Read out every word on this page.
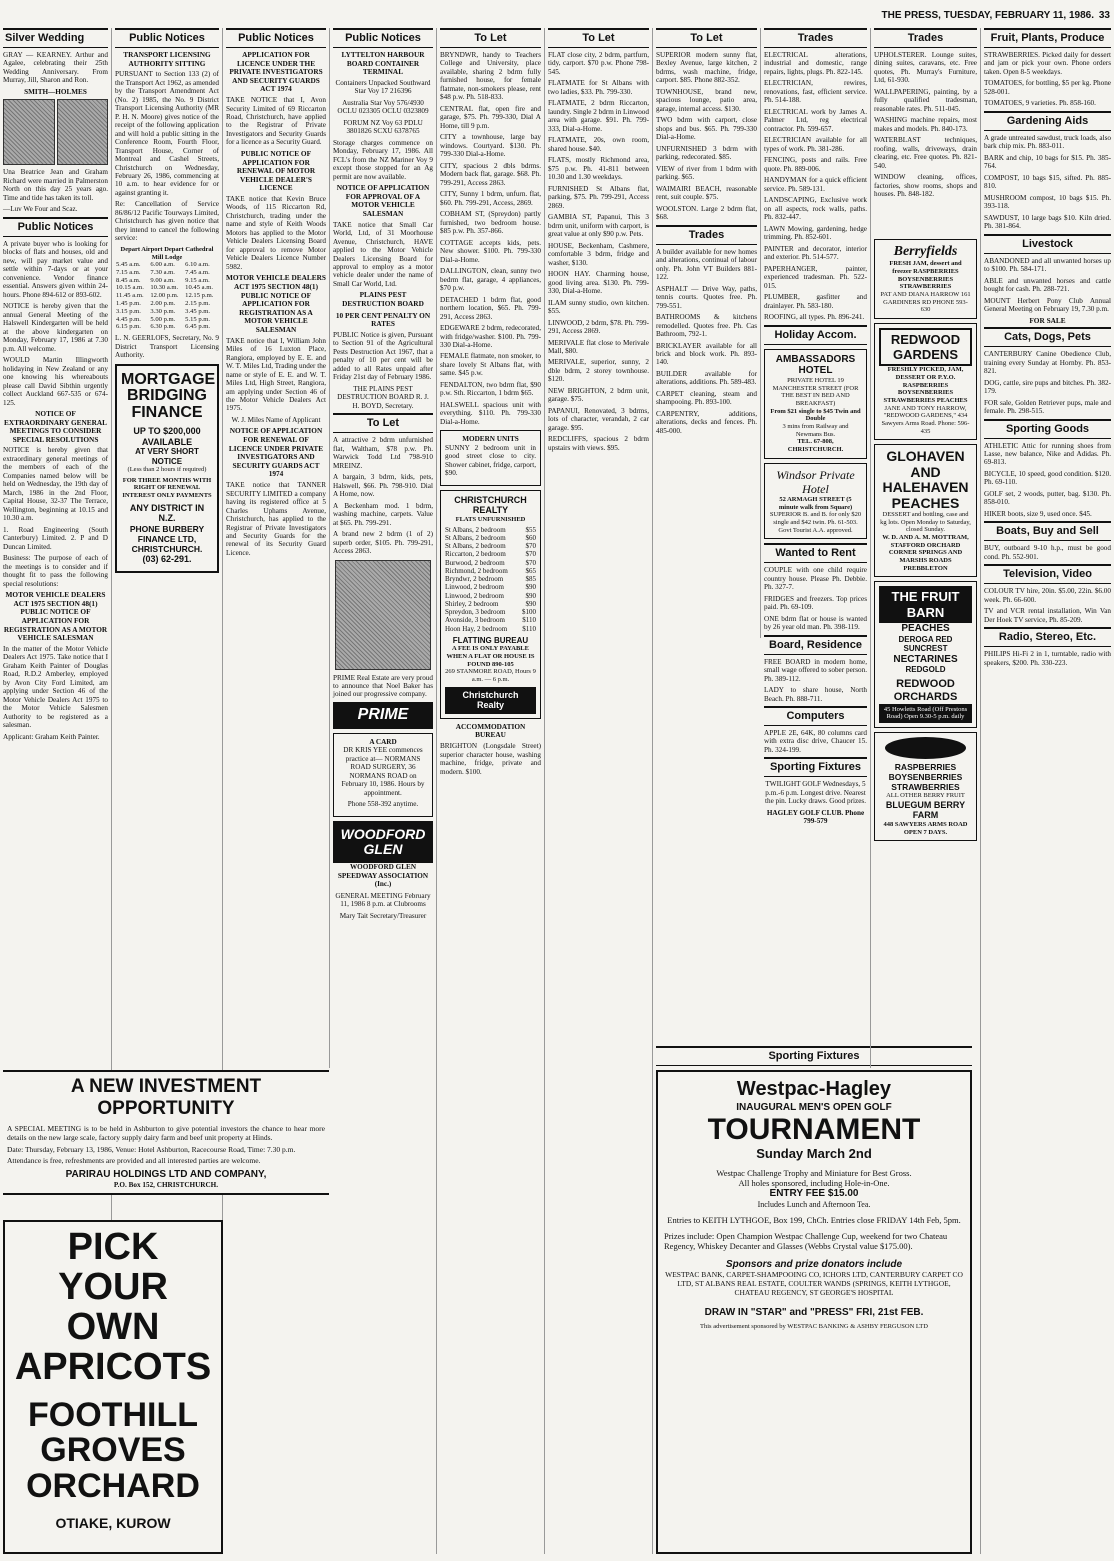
THE PRESS, TUESDAY, FEBRUARY 11, 1986. 33
Silver Wedding

GRAY — KEARNEY. Arthur and Agalee, celebrating their 25th Wedding Anniversary. From Murray, Jill, Sharon and Ron.

SMITH—HOLMES

Una Beatrice Jean and Graham Richard were married in Palmerston North on this day 25 years ago. Time and tide has taken its toll.

—Luv We Four and Scaz.

Public Notices

A private buyer who is looking for blocks of flats and houses, old and new, will pay market value and settle within 7-days or at your convenience. Vendor finance essential. Answers given within 24-hours. Phone 894-612 or 893-602.

NOTICE is hereby given that the annual General Meeting of the Halswell Kindergarten will be held at the above kindergarten on Monday, February 17, 1986 at 7.30 p.m. All welcome.

WOULD Martin Illingworth holidaying in New Zealand or any one knowing his whereabouts please call David Sibthin urgently collect Auckland 667-535 or 674-125.

NOTICE OF EXTRAORDINARY GENERAL MEETINGS TO CONSIDER SPECIAL RESOLUTIONS

NOTICE is hereby given that extraordinary general meetings of the members of each of the Companies named below will be held on Wednesday, the 19th day of March, 1986 in the 2nd Floor, Capital House, 32-37 The Terrace, Wellington, beginning at 10.15 and 10.30 a.m.

1. Road Engineering (South Canterbury) Limited. 2. P and D Duncan Limited.

Business: The purpose of each of the meetings is to consider and if thought fit to pass the following special resolutions:

MOTOR VEHICLE DEALERS ACT 1975 SECTION 48(1) PUBLIC NOTICE OF APPLICATION FOR REGISTRATION AS A MOTOR VEHICLE SALESMAN

In the matter of the Motor Vehicle Dealers Act 1975. Take notice that I Graham Keith Painter of Douglas Road, R.D.2 Amberley, employed by Avon City Ford Limited, am applying under Section 46 of the Motor Vehicle Dealers Act 1975 to the Motor Vehicle Salesmen Authority to be registered as a salesman.

Applicant: Graham Keith Painter.

Public Notices

TRANSPORT LICENSING AUTHORITY SITTING

PURSUANT to Section 133 (2) of the Transport Act 1962, as amended by the Transport Amendment Act (No. 2) 1985, the No. 9 District Transport Licensing Authority (MR P. H. N. Moore) gives notice of the receipt of the following application and will hold a public sitting in the Conference Room, Fourth Floor, Transport House, Corner of Montreal and Cashel Streets, Christchurch on Wednesday, February 26, 1986, commencing at 10 a.m. to hear evidence for or against granting it.

Re: Cancellation of Service 86/86/12 Pacific Tourways Limited, Christchurch has given notice that they intend to cancel the following service:

Depart Airport Depart Cathedral Mill Lodge

5.45 a.m.	6.00 a.m.	6.10 a.m.
7.15 a.m.	7.30 a.m.	7.45 a.m.
8.45 a.m.	9.00 a.m.	9.15 a.m.
10.15 a.m.	10.30 a.m.	10.45 a.m.
11.45 a.m.	12.00 p.m.	12.15 p.m.
1.45 p.m.	2.00 p.m.	2.15 p.m.
3.15 p.m.	3.30 p.m.	3.45 p.m.
4.45 p.m.	5.00 p.m.	5.15 p.m.
6.15 p.m.	6.30 p.m.	6.45 p.m.

L. N. GEERLOFS, Secretary, No. 9 District Transport Licensing Authority.

MORTGAGE BRIDGING FINANCE

UP TO $200,000

AVAILABLE

AT VERY SHORT NOTICE

(Less than 2 hours if required)

FOR THREE MONTHS WITH RIGHT OF RENEWAL INTEREST ONLY PAYMENTS

ANY DISTRICT IN N.Z.

PHONE BURBERY FINANCE LTD, CHRISTCHURCH.

(03) 62-291.

A NEW INVESTMENT OPPORTUNITY

A SPECIAL MEETING is to be held in Ashburton to give potential investors the chance to hear more details on the new large scale, factory supply dairy farm and beef unit property at Hinds.

Date: Thursday, February 13, 1986, Venue: Hotel Ashburton, Racecourse Road, Time: 7.30 p.m.

Attendance is free, refreshments are provided and all interested parties are welcome.

PARIRAU HOLDINGS LTD AND COMPANY,

P.O. Box 152, CHRISTCHURCH.

PICK YOUR OWN APRICOTS

FOOTHILL GROVES ORCHARD

OTIAKE, KUROW

Public Notices

APPLICATION FOR LICENCE UNDER THE PRIVATE INVESTIGATORS AND SECURITY GUARDS ACT 1974

TAKE NOTICE that I, Avon Security Limited of 69 Riccarton Road, Christchurch, have applied to the Registrar of Private Investigators and Security Guards for a licence as a Security Guard.

PUBLIC NOTICE OF APPLICATION FOR RENEWAL OF MOTOR VEHICLE DEALER'S LICENCE

TAKE notice that Kevin Bruce Woods, of 115 Riccarton Rd, Christchurch, trading under the name and style of Keith Woods Motors has applied to the Motor Vehicle Dealers Licensing Board for approval to remove Motor Vehicle Dealers Licence Number 5982.

MOTOR VEHICLE DEALERS ACT 1975 SECTION 48(1) PUBLIC NOTICE OF APPLICATION FOR REGISTRATION AS A MOTOR VEHICLE SALESMAN

TAKE notice that I, William John Miles of 16 Luxton Place, Rangiora, employed by E. E. and W. T. Miles Ltd, Trading under the name or style of E. E. and W. T. Miles Ltd, High Street, Rangiora, am applying under Section 46 of the Motor Vehicle Dealers Act 1975.

W. J. Miles Name of Applicant

NOTICE OF APPLICATION FOR RENEWAL OF LICENCE UNDER PRIVATE INVESTIGATORS AND SECURITY GUARDS ACT 1974

TAKE notice that TANNER SECURITY LIMITED a company having its registered office at 5 Charles Uphams Avenue, Christchurch, has applied to the Registrar of Private Investigators and Security Guards for the renewal of its Security Guard Licence.

Public Notices

LYTTELTON HARBOUR BOARD CONTAINER TERMINAL

Containers Unpacked Southward Star Voy 17 216396

Australia Star Voy 576/4930 OCLU 023305 OCLU 0323809

FORUM NZ Voy 63 PDLU 3801826 SCXU 6378765

Storage charges commence on Monday, February 17, 1986. All FCL's from the NZ Mariner Voy 9 except those stopped for an Ag permit are now available.

NOTICE OF APPLICATION FOR APPROVAL OF A MOTOR VEHICLE SALESMAN

TAKE notice that Small Car World, Ltd, of 31 Moorhouse Avenue, Christchurch, HAVE applied to the Motor Vehicle Dealers Licensing Board for approval to employ as a motor vehicle dealer under the name of Small Car World, Ltd.

PLAINS PEST DESTRUCTION BOARD

10 PER CENT PENALTY ON RATES

PUBLIC Notice is given, Pursuant to Section 91 of the Agricultural Pests Destruction Act 1967, that a penalty of 10 per cent will be added to all Rates unpaid after Friday 21st day of February 1986.

THE PLAINS PEST DESTRUCTION BOARD R. J. H. BOYD, Secretary.

To Let

A attractive 2 bdrm unfurnished flat, Waltham, $78 p.w. Ph. Warwick Todd Ltd 798-910 MREINZ.

A bargain, 3 bdrm, kids, pets, Halswell, $66. Ph. 798-910. Dial A Home, now.

A Beckenham mod. 1 bdrm, washing machine, carpets. Value at $65. Ph. 799-291.

A brand new 2 bdrm (1 of 2) superb order, $105. Ph. 799-291, Access 2863.

PRIME Real Estate are very proud to announce that Noel Baker has joined our progressive company.

PRIME

A CARD

DR KRIS YEE commences practice at— NORMANS ROAD SURGERY, 36 NORMANS ROAD on February 10, 1986. Hours by appointment.

Phone 558-392 anytime.

WOODFORD GLEN

WOODFORD GLEN SPEEDWAY ASSOCIATION (Inc.)

GENERAL MEETING February 11, 1986 8 p.m. at Clubrooms

Mary Tait Secretary/Treasurer

To Let

BRYNDWR, handy to Teachers College and University, place available, sharing 2 bdrm fully furnished house, for female flatmate, non-smokers please, rent $48 p.w. Ph. 518-833.

CENTRAL flat, open fire and garage, $75. Ph. 799-330, Dial A Home, till 9 p.m.

CITY a townhouse, large bay windows. Courtyard. $130. Ph. 799-330 Dial-a-Home.

CITY, spacious 2 dbls bdrms. Modern back flat, garage. $68. Ph. 799-291, Access 2863.

CITY, Sunny 1 bdrm, unfurn. flat, $60. Ph. 799-291, Access, 2869.

COBHAM ST, (Spreydon) partly furnished, two bedroom house. $85 p.w. Ph. 357-866.

COTTAGE accepts kids, pets. New shower. $100. Ph. 799-330 Dial-a-Home.

DALLINGTON, clean, sunny two bedrm flat, garage, 4 appliances, $70 p.w.

DETACHED 1 bdrm flat, good northern location, $65. Ph. 799-291, Access 2863.

EDGEWARE 2 bdrm, redecorated, with fridge/washer. $100. Ph. 799-330 Dial-a-Home.

FEMALE flatmate, non smoker, to share lovely St Albans flat, with same. $45 p.w.

FENDALTON, two bdrm flat, $90 p.w. Sth. Riccarton, 1 bdrm $65.

HALSWELL spacious unit with everything. $110. Ph. 799-330 Dial-a-Home.

MODERN UNITS

SUNNY 2 bedroom unit in good street close to city. Shower cabinet, fridge, carport, $90.

CHRISTCHURCH REALTY

FLATS UNFURNISHED

St Albans, 2 bedroom	$55
St Albans, 2 bedroom	$60
St Albans, 2 bedroom	$70
Riccarton, 2 bedroom	$70
Burwood, 2 bedroom	$70
Richmond, 2 bedroom	$65
Bryndwr, 2 bedroom	$85
Linwood, 2 bedroom	$90
Linwood, 2 bedroom	$90
Shirley, 2 bedroom	$90
Spreydon, 3 bedroom	$100
Avonside, 3 bedroom	$110
Hoon Hay, 2 bedroom	$110

FLATTING BUREAU

A FEE IS ONLY PAYABLE WHEN A FLAT OR HOUSE IS FOUND 890-105

269 STANMORE ROAD, Hours 9 a.m. — 6 p.m.

Christchurch Realty

ACCOMMODATION BUREAU

BRIGHTON (Longsdale Street) superior character house, washing machine, fridge, private and modern. $100.

To Let

FLAT close city, 2 bdrm, partfurn, tidy, carport. $70 p.w. Phone 798-545.

FLATMATE for St Albans with two ladies, $33. Ph. 799-330.

FLATMATE, 2 bdrm Riccarton, laundry. Single 2 bdrm in Linwood area with garage. $91. Ph. 799-333, Dial-a-Home.

FLATMATE, 20s, own room, shared house. $40.

FLATS, mostly Richmond area, $75 p.w. Ph. 41-811 between 10.30 and 1.30 weekdays.

FURNISHED St Albans flat, parking, $75. Ph. 799-291, Access 2869.

GAMBIA ST, Papanui, This 3 bdrm unit, uniform with carport, is great value at only $90 p.w. Pets.

HOUSE, Beckenham, Cashmere, comfortable 3 bdrm, fridge and washer, $130.

HOON HAY. Charming house, good living area. $130. Ph. 799-330, Dial-a-Home.

ILAM sunny studio, own kitchen. $55.

LINWOOD, 2 bdrm, $78. Ph. 799-291, Access 2869.

MERIVALE flat close to Merivale Mall, $80.

MERIVALE, superior, sunny, 2 dble bdrm, 2 storey townhouse. $120.

NEW BRIGHTON, 2 bdrm unit, garage. $75.

PAPANUI, Renovated, 3 bdrms, lots of character, verandah, 2 car garage. $95.

REDCLIFFS, spacious 2 bdrm upstairs with views. $95.

To Let

SUPERIOR modern sunny flat, Bexley Avenue, large kitchen, 2 bdrms, wash machine, fridge, carport. $85. Phone 882-352.

TOWNHOUSE, brand new, spacious lounge, patio area, garage, internal access. $130.

TWO bdrm with carport, close shops and bus. $65. Ph. 799-330 Dial-a-Home.

UNFURNISHED 3 bdrm with parking, redecorated. $85.

VIEW of river from 1 bdrm with parking. $65.

WAIMAIRI BEACH, reasonable rent, suit couple. $75.

WOOLSTON. Large 2 bdrm flat, $68.

Trades

A builder available for new homes and alterations, continual of labour only. Ph. John VT Builders 881-122.

ASPHALT — Drive Way, paths, tennis courts. Quotes free. Ph. 799-551.

BATHROOMS & kitchens remodelled. Quotes free. Ph. Cas Bathroom, 792-1.

BRICKLAYER available for all brick and block work. Ph. 893-140.

BUILDER available for alterations, additions. Ph. 589-483.

CARPET cleaning, steam and shampooing. Ph. 893-100.

CARPENTRY, additions, alterations, decks and fences. Ph. 485-000.

Westpac-Hagley

INAUGURAL MEN'S OPEN GOLF

TOURNAMENT

Sunday March 2nd

Westpac Challenge Trophy and Miniature for Best Gross.

All holes sponsored, including Hole-in-One.

ENTRY FEE $15.00

Includes Lunch and Afternoon Tea.

Entries to KEITH LYTHGOE, Box 199, ChCh. Entries close FRIDAY 14th Feb, 5pm.

Prizes include: Open Champion Westpac Challenge Cup, weekend for two Chateau Regency, Whiskey Decanter and Glasses (Webbs Crystal value $175.00).

Sponsors and prize donators include

WESTPAC BANK, CARPET-SHAMPOOING CO, ICHORS LTD, CANTERBURY CARPET CO LTD, ST ALBANS REAL ESTATE, COULTER WANDS (SPRINGS, KEITH LYTHGOE, CHATEAU REGENCY, ST GEORGE'S HOSPITAL

DRAW IN "STAR" and "PRESS" FRI, 21st FEB.

This advertisement sponsored by WESTPAC BANKING & ASHBY FERGUSON LTD

Sporting Fixtures
Trades

ELECTRICAL alterations, industrial and domestic, range repairs, lights, plugs. Ph. 822-145.

ELECTRICIAN, rewires, renovations, fast, efficient service. Ph. 514-188.

ELECTRICAL work by James A. Palmer Ltd, reg electrical contractor. Ph. 599-657.

ELECTRICIAN available for all types of work. Ph. 381-286.

FENCING, posts and rails. Free quote. Ph. 889-006.

HANDYMAN for a quick efficient service. Ph. 589-131.

LANDSCAPING, Exclusive work on all aspects, rock walls, paths. Ph. 832-447.

LAWN Mowing, gardening, hedge trimming. Ph. 852-601.

PAINTER and decorator, interior and exterior. Ph. 514-577.

PAPERHANGER, painter, experienced tradesman. Ph. 522-015.

PLUMBER, gasfitter and drainlayer. Ph. 583-180.

ROOFING, all types. Ph. 896-241.

Holiday Accom.

AMBASSADORS HOTEL

PRIVATE HOTEL 19 MANCHESTER STREET (FOR THE BEST IN BED AND BREAKFAST)

From $21 single to $45 Twin and Double

3 mins from Railway and Newmans Bus.

TEL. 67-808, CHRISTCHURCH.

Windsor Private Hotel

52 ARMAGH STREET (5 minute walk from Square)

SUPERIOR B. and B. for only $20 single and $42 twin. Ph. 61-503.

Govt Tourist A.A. approved.

Wanted to Rent

COUPLE with one child require country house. Please Ph. Debbie. Ph. 327-7.

FRIDGES and freezers. Top prices paid. Ph. 69-109.

ONE bdrm flat or house is wanted by 26 year old man. Ph. 398-119.

Board, Residence

FREE BOARD in modern home, small wage offered to sober person. Ph. 389-112.

LADY to share house, North Beach. Ph. 888-711.

Computers

APPLE 2E, 64K, 80 columns card with extra disc drive, Chaucer 15. Ph. 324-199.

Sporting Fixtures

TWILIGHT GOLF Wednesdays, 5 p.m.-6 p.m. Longest drive. Nearest the pin. Lucky draws. Good prizes.

HAGLEY GOLF CLUB. Phone 799-579

Trades

UPHOLSTERER. Lounge suites, dining suites, caravans, etc. Free quotes, Ph. Murray's Furniture, Ltd, 61-930.

WALLPAPERING, painting, by a fully qualified tradesman, reasonable rates. Ph. 511-045.

WASHING machine repairs, most makes and models. Ph. 840-173.

WATERBLAST techniques, roofing, walls, driveways, drain clearing, etc. Free quotes. Ph. 821-540.

WINDOW cleaning, offices, factories, show rooms, shops and houses. Ph. 848-182.

Berryfields

FRESH JAM, dessert and freezer RASPBERRIES BOYSENBERRIES STRAWBERRIES

PAT AND DIANA HARROW 161 GARDINERS RD PHONE 593-630

REDWOOD GARDENS

FRESHLY PICKED, JAM, DESSERT OR P.Y.O. RASPBERRIES BOYSENBERRIES STRAWBERRIES PEACHES

JANE AND TONY HARROW, "REDWOOD GARDENS," 434 Sawyers Arms Road. Phone: 596-435

GLOHAVEN AND HALEHAVEN PEACHES

DESSERT and bottling, case and kg lots. Open Monday to Saturday, closed Sunday.

W. D. AND A. M. MOTTRAM, STAFFORD ORCHARD CORNER SPRINGS AND MARSHS ROADS PREBBLETON

THE FRUIT BARN

PEACHES

DEROGA RED

SUNCREST

NECTARINES

REDGOLD

REDWOOD ORCHARDS

45 Howletts Road (Off Prestons Road) Open 9.30-5 p.m. daily

RASPBERRIES

BOYSENBERRIES

STRAWBERRIES

ALL OTHER BERRY FRUIT

BLUEGUM BERRY FARM

448 SAWYERS ARMS ROAD OPEN 7 DAYS.

Fruit, Plants, Produce

STRAWBERRIES. Picked daily for dessert and jam or pick your own. Phone orders taken. Open 8-5 weekdays.

TOMATOES, for bottling, $5 per kg. Phone 528-001.

TOMATOES, 9 varieties. Ph. 858-160.

Gardening Aids

A grade untreated sawdust, truck loads, also bark chip mix. Ph. 883-011.

BARK and chip, 10 bags for $15. Ph. 385-764.

COMPOST, 10 bags $15, sifted. Ph. 885-810.

MUSHROOM compost, 10 bags $15. Ph. 393-118.

SAWDUST, 10 large bags $10. Kiln dried. Ph. 381-864.

Livestock

ABANDONED and all unwanted horses up to $100. Ph. 584-171.

ABLE and unwanted horses and cattle bought for cash. Ph. 288-721.

MOUNT Herbert Pony Club Annual General Meeting on February 19, 7.30 p.m.

FOR SALE

Cats, Dogs, Pets

CANTERBURY Canine Obedience Club, training every Sunday at Hornby. Ph. 853-821.

DOG, cattle, sire pups and bitches. Ph. 382-179.

FOR sale, Golden Retriever pups, male and female. Ph. 298-515.

Sporting Goods

ATHLETIC Attic for running shoes from Lasse, new balance, Nike and Adidas. Ph. 69-813.

BICYCLE, 10 speed, good condition. $120. Ph. 69-110.

GOLF set, 2 woods, putter, bag. $130. Ph. 858-010.

HIKER boots, size 9, used once. $45.

Boats, Buy and Sell

BUY, outboard 9-10 h.p., must be good cond. Ph. 552-901.

Television, Video

COLOUR TV hire, 20in. $5.00, 22in. $6.00 week. Ph. 66-600.

TV and VCR rental installation, Win Van Der Hoek TV service, Ph. 85-209.

Radio, Stereo, Etc.

PHILIPS Hi-Fi 2 in 1, turntable, radio with speakers, $200. Ph. 330-223.
